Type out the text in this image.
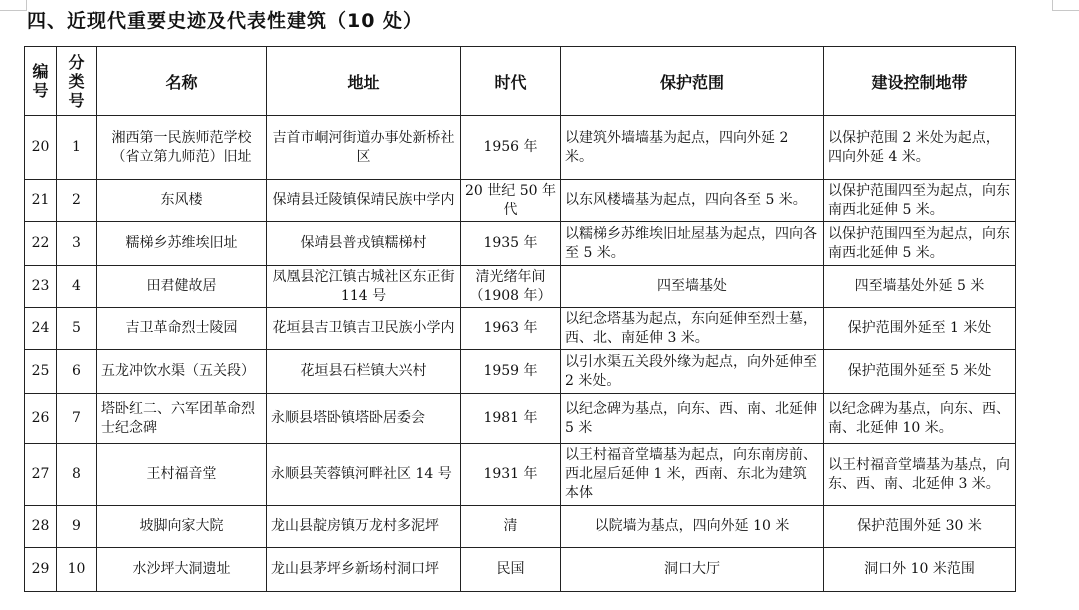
四、近现代重要史迹及代表性建筑（10 处）
编号	分类号	名称	地址	时代	保护范围	建设控制地带
20	1	湘西第一民族师范学校（省立第九师范）旧址	吉首市峒河街道办事处新桥社区	1956 年	以建筑外墙墙基为起点，四向外延 2 米。	以保护范围 2 米处为起点，四向外延 4 米。
21	2	东风楼	保靖县迁陵镇保靖民族中学内	20 世纪 50 年代	以东风楼墙基为起点，四向各至 5 米。	以保护范围四至为起点，向东南西北延伸 5 米。
22	3	糯梯乡苏维埃旧址	保靖县普戎镇糯梯村	1935 年	以糯梯乡苏维埃旧址屋基为起点，四向各至 5 米。	以保护范围四至为起点，向东南西北延伸 5 米。
23	4	田君健故居	凤凰县沱江镇古城社区东正街 114 号	清光绪年间（1908 年）	四至墙基处	四至墙基处外延 5 米
24	5	吉卫革命烈士陵园	花垣县吉卫镇吉卫民族小学内	1963 年	以纪念塔基为起点，东向延伸至烈士墓，西、北、南延伸 3 米。	保护范围外延至 1 米处
25	6	五龙冲饮水渠（五关段）	花垣县石栏镇大兴村	1959 年	以引水渠五关段外缘为起点，向外延伸至 2 米处。	保护范围外延至 5 米处
26	7	塔卧红二、六军团革命烈士纪念碑	永顺县塔卧镇塔卧居委会	1981 年	以纪念碑为基点，向东、西、南、北延伸 5 米	以纪念碑为基点，向东、西、南、北延伸 10 米。
27	8	王村福音堂	永顺县芙蓉镇河畔社区 14 号	1931 年	以王村福音堂墙基为起点，向东南房前、西北屋后延伸 1 米，西南、东北为建筑本体	以王村福音堂墙基为基点，向东、西、南、北延伸 3 米。
28	9	坡脚向家大院	龙山县靛房镇万龙村多泥坪	清	以院墙为基点，四向外延 10 米	保护范围外延 30 米
29	10	水沙坪大洞遗址	龙山县茅坪乡新场村洞口坪	民国	洞口大厅	洞口外 10 米范围
